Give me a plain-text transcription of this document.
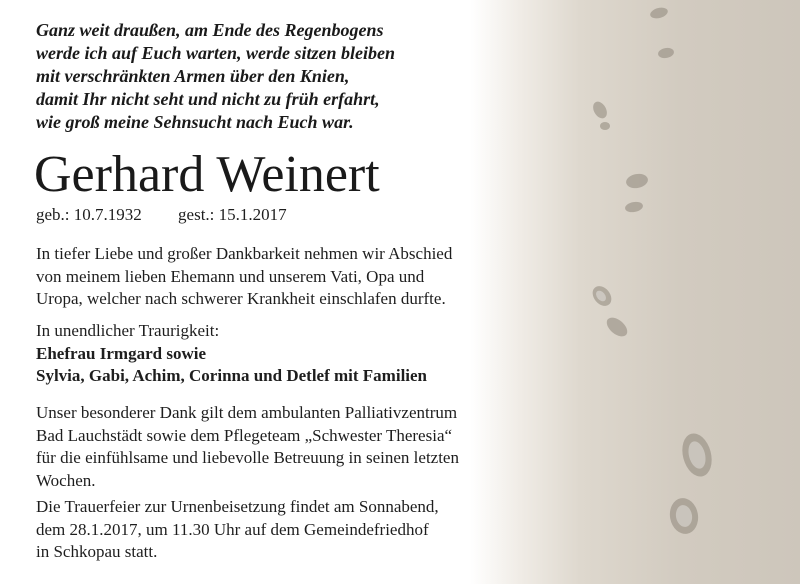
Ganz weit draußen, am Ende des Regenbogens
werde ich auf Euch warten, werde sitzen bleiben
mit verschränkten Armen über den Knien,
damit Ihr nicht seht und nicht zu früh erfahrt,
wie groß meine Sehnsucht nach Euch war.
Gerhard Weinert
geb.: 10.7.1932 gest.: 15.1.2017
In tiefer Liebe und großer Dankbarkeit nehmen wir Abschied
von meinem lieben Ehemann und unserem Vati, Opa und
Uropa, welcher nach schwerer Krankheit einschlafen durfte.
In unendlicher Traurigkeit:
Ehefrau Irmgard sowie
Sylvia, Gabi, Achim, Corinna und Detlef mit Familien
Unser besonderer Dank gilt dem ambulanten Palliativzentrum
Bad Lauchstädt sowie dem Pflegeteam „Schwester Theresia“
für die einfühlsame und liebevolle Betreuung in seinen letzten
Wochen.
Die Trauerfeier zur Urnenbeisetzung findet am Sonnabend,
dem 28.1.2017, um 11.30 Uhr auf dem Gemeindefriedhof
in Schkopau statt.
